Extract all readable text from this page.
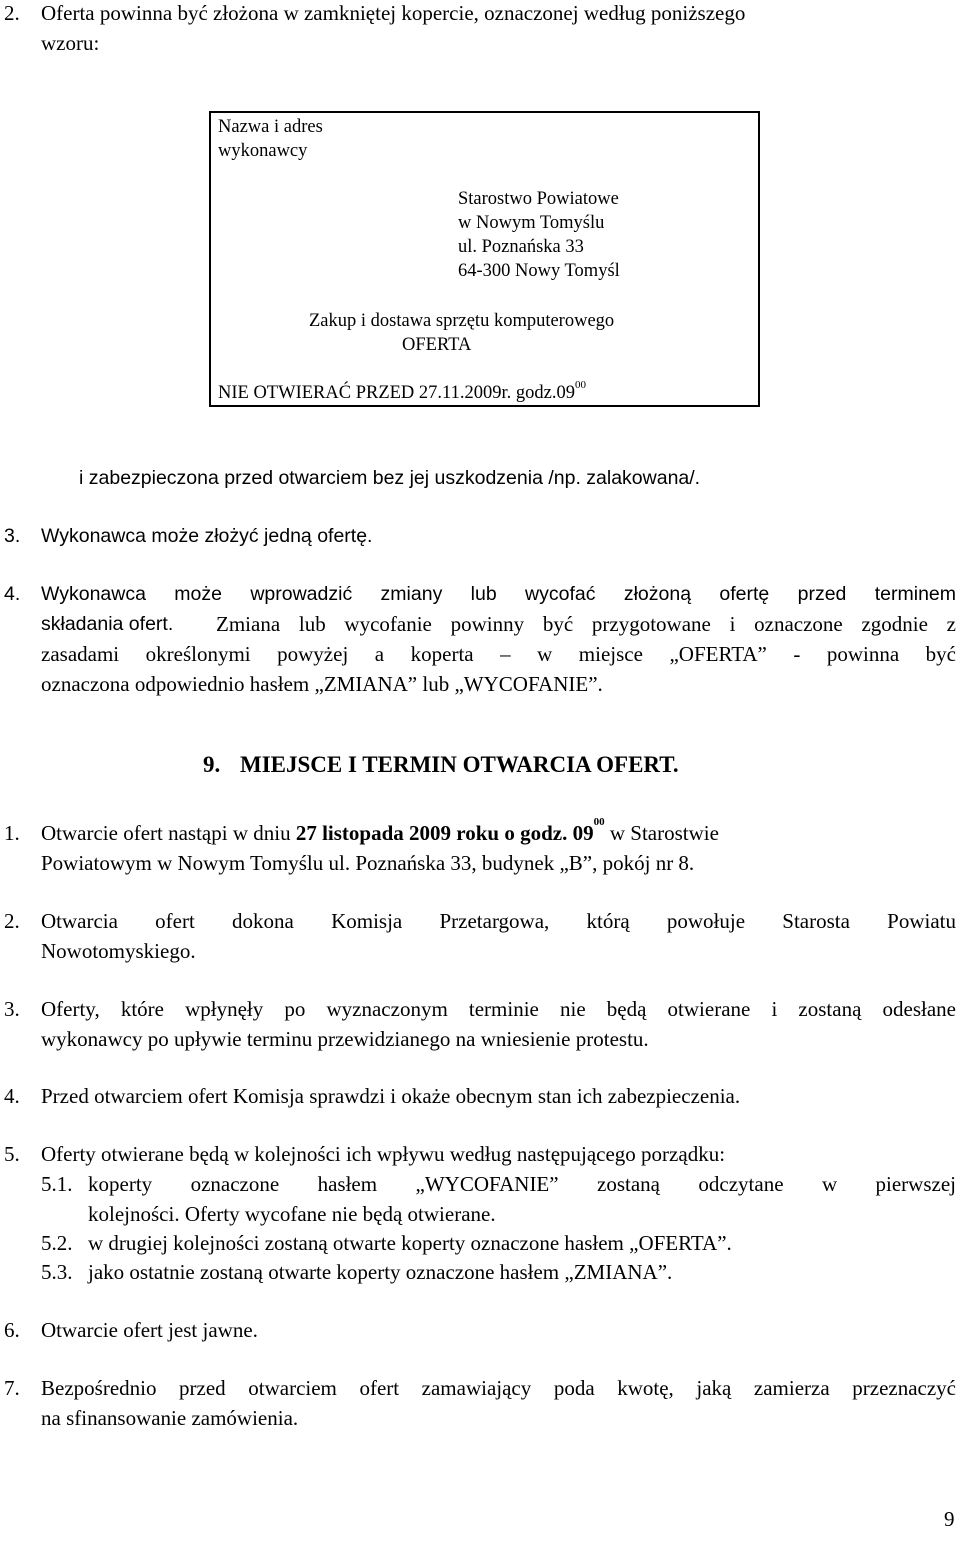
2. Oferta powinna być złożona w zamkniętej kopercie, oznaczonej według poniższego
wzoru:
Nazwa i adres
wykonawcy
Starostwo Powiatowe
w Nowym Tomyślu
ul. Poznańska 33
64-300 Nowy Tomyśl
Zakup i dostawa sprzętu komputerowego
OFERTA
NIE OTWIERAĆ PRZED 27.11.2009r. $godz.09^{00}$
i zabezpieczona przed otwarciem bez jej uszkodzenia /np. zalakowana/.
3. Wykonawca może złożyć jedną ofertę.
4. Wykonawca może wprowadzić zmiany lub wycofać złożoną ofertę przed terminem
składania ofert. Zmiana lub wycofanie powinny być przygotowane i oznaczone zgodnie z
zasadami określonymi powyżej a koperta – w miejsce „OFERTA” - powinna być
oznaczona odpowiednio hasłem „ZMIANA” lub „WYCOFANIE”.
9. MIEJSCE I TERMIN OTWARCIA OFERT.
1. Otwarcie ofert nastąpi w dniu 27 listopada 2009 roku o godz. $09^{00}$ w Starostwie
Powiatowym w Nowym Tomyślu ul. Poznańska 33, budynek „B”, pokój nr 8.
2. Otwarcia ofert dokona Komisja Przetargowa, którą powołuje Starosta Powiatu
Nowotomyskiego.
3. Oferty, które wpłynęły po wyznaczonym terminie nie będą otwierane i zostaną odesłane
wykonawcy po upływie terminu przewidzianego na wniesienie protestu.
4. Przed otwarciem ofert Komisja sprawdzi i okaże obecnym stan ich zabezpieczenia.
5. Oferty otwierane będą w kolejności ich wpływu według następującego porządku:
5.1. koperty oznaczone hasłem „WYCOFANIE” zostaną odczytane w pierwszej
kolejności. Oferty wycofane nie będą otwierane.
5.2. w drugiej kolejności zostaną otwarte koperty oznaczone hasłem „OFERTA”.
5.3. jako ostatnie zostaną otwarte koperty oznaczone hasłem „ZMIANA”.
6. Otwarcie ofert jest jawne.
7. Bezpośrednio przed otwarciem ofert zamawiający poda kwotę, jaką zamierza przeznaczyć
na sfinansowanie zamówienia.
9
